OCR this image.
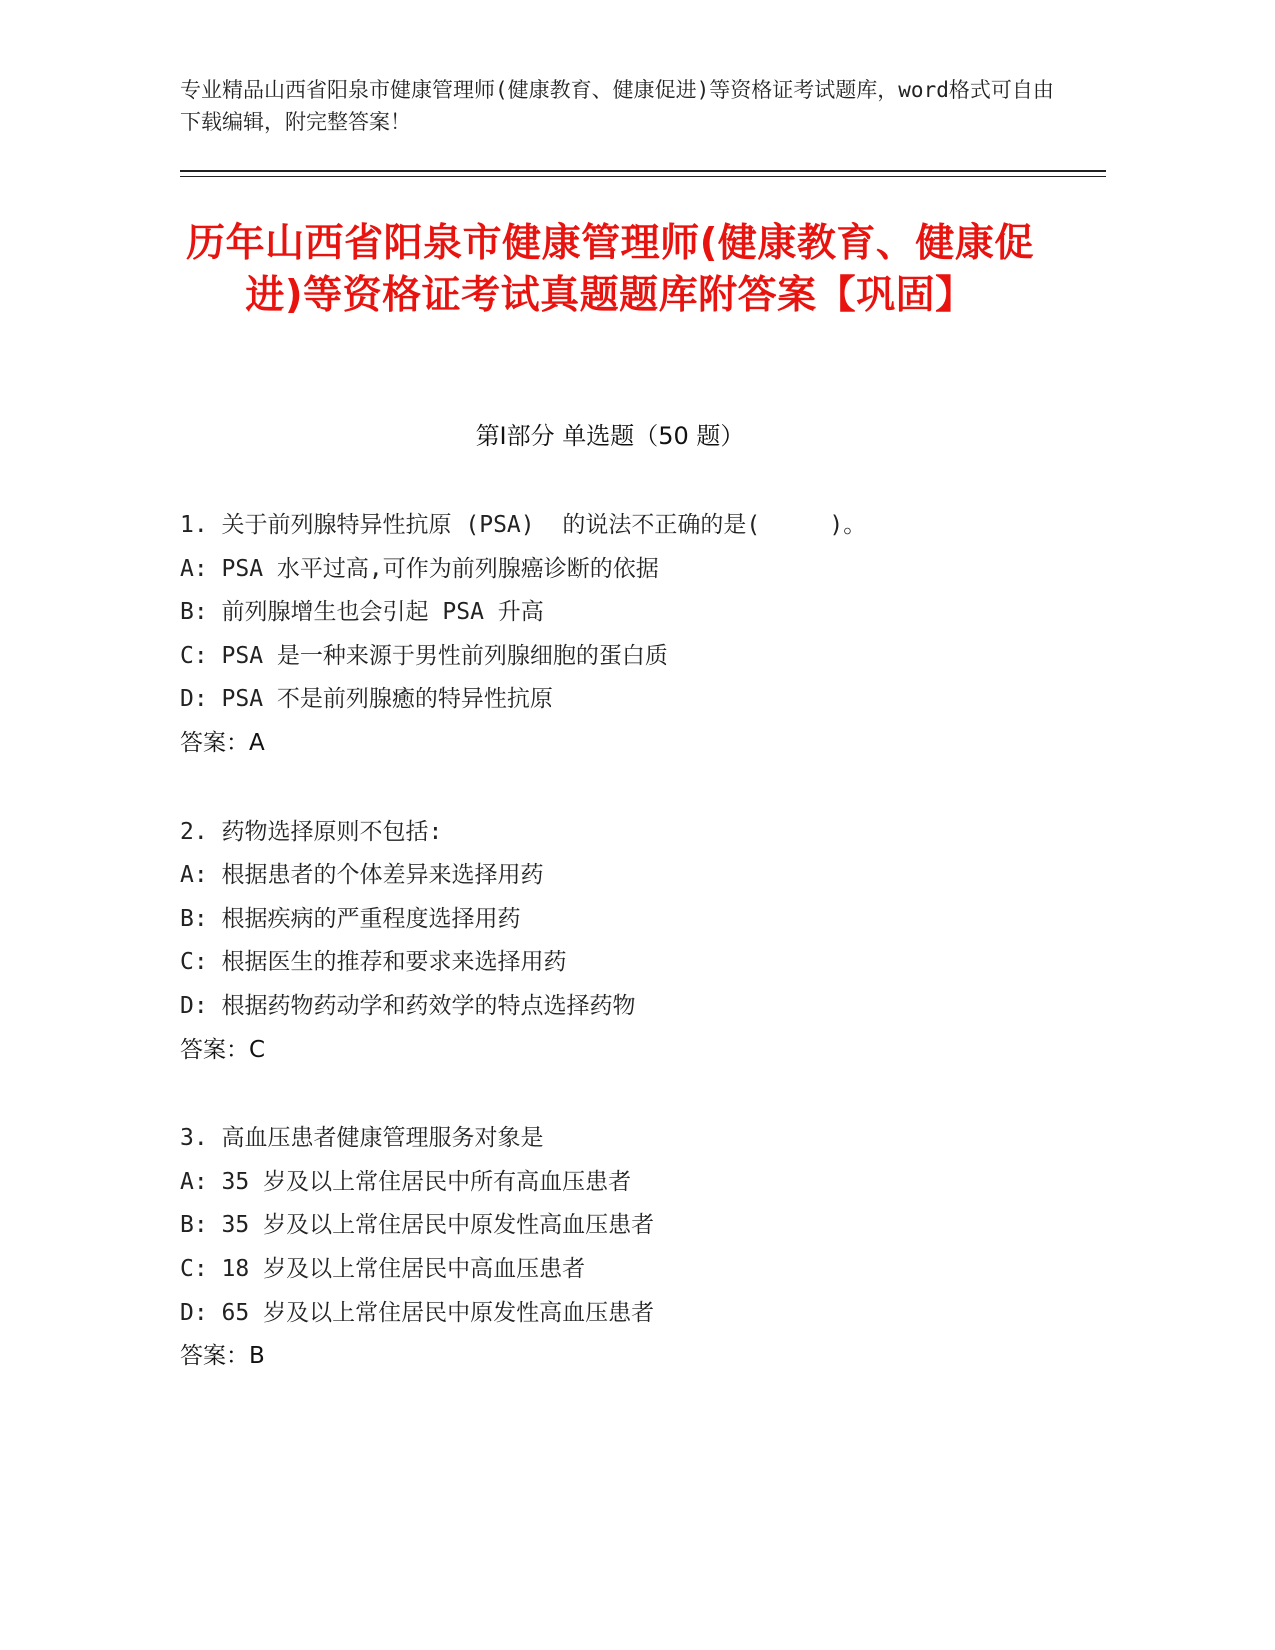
专业精品山西省阳泉市健康管理师(健康教育、健康促进)等资格证考试题库，word格式可自由下载编辑，附完整答案！
历年山西省阳泉市健康管理师(健康教育、健康促进)等资格证考试真题题库附答案【巩固】
第Ⅰ部分 单选题（50 题）
1. 关于前列腺特异性抗原 (PSA)  的说法不正确的是(     )。
A: PSA 水平过高,可作为前列腺癌诊断的依据
B: 前列腺增生也会引起 PSA 升高
C: PSA 是一种来源于男性前列腺细胞的蛋白质
D: PSA 不是前列腺癒的特异性抗原
答案：A
2. 药物选择原则不包括:
A: 根据患者的个体差异来选择用药
B: 根据疾病的严重程度选择用药
C: 根据医生的推荐和要求来选择用药
D: 根据药物药动学和药效学的特点选择药物
答案：C
3. 高血压患者健康管理服务对象是
A: 35 岁及以上常住居民中所有高血压患者
B: 35 岁及以上常住居民中原发性高血压患者
C: 18 岁及以上常住居民中高血压患者
D: 65 岁及以上常住居民中原发性高血压患者
答案：B
